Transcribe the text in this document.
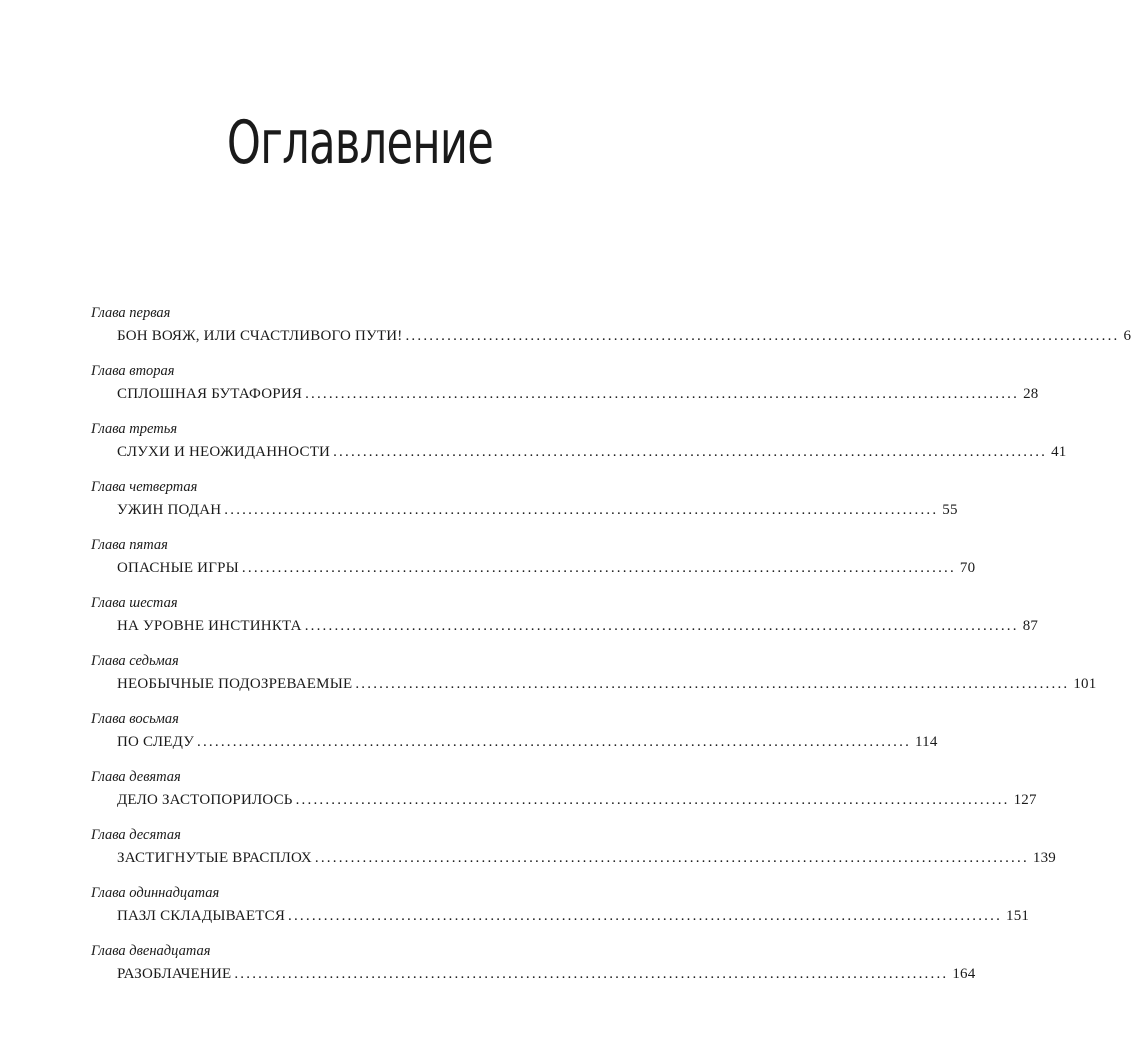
Оглавление
Глава первая
БОН ВОЯЖ, ИЛИ СЧАСТЛИВОГО ПУТИ! ........................................................................................................................ 6
Глава вторая
СПЛОШНАЯ БУТАФОРИЯ ........................................................................................................................ 28
Глава третья
СЛУХИ И НЕОЖИДАННОСТИ ........................................................................................................................ 41
Глава четвертая
УЖИН ПОДАН ........................................................................................................................ 55
Глава пятая
ОПАСНЫЕ ИГРЫ ........................................................................................................................ 70
Глава шестая
НА УРОВНЕ ИНСТИНКТА ........................................................................................................................ 87
Глава седьмая
НЕОБЫЧНЫЕ ПОДОЗРЕВАЕМЫЕ ........................................................................................................................ 101
Глава восьмая
ПО СЛЕДУ ........................................................................................................................ 114
Глава девятая
ДЕЛО ЗАСТОПОРИЛОСЬ ........................................................................................................................ 127
Глава десятая
ЗАСТИГНУТЫЕ ВРАСПЛОХ ........................................................................................................................ 139
Глава одиннадцатая
ПАЗЛ СКЛАДЫВАЕТСЯ ........................................................................................................................ 151
Глава двенадцатая
РАЗОБЛАЧЕНИЕ ........................................................................................................................ 164
